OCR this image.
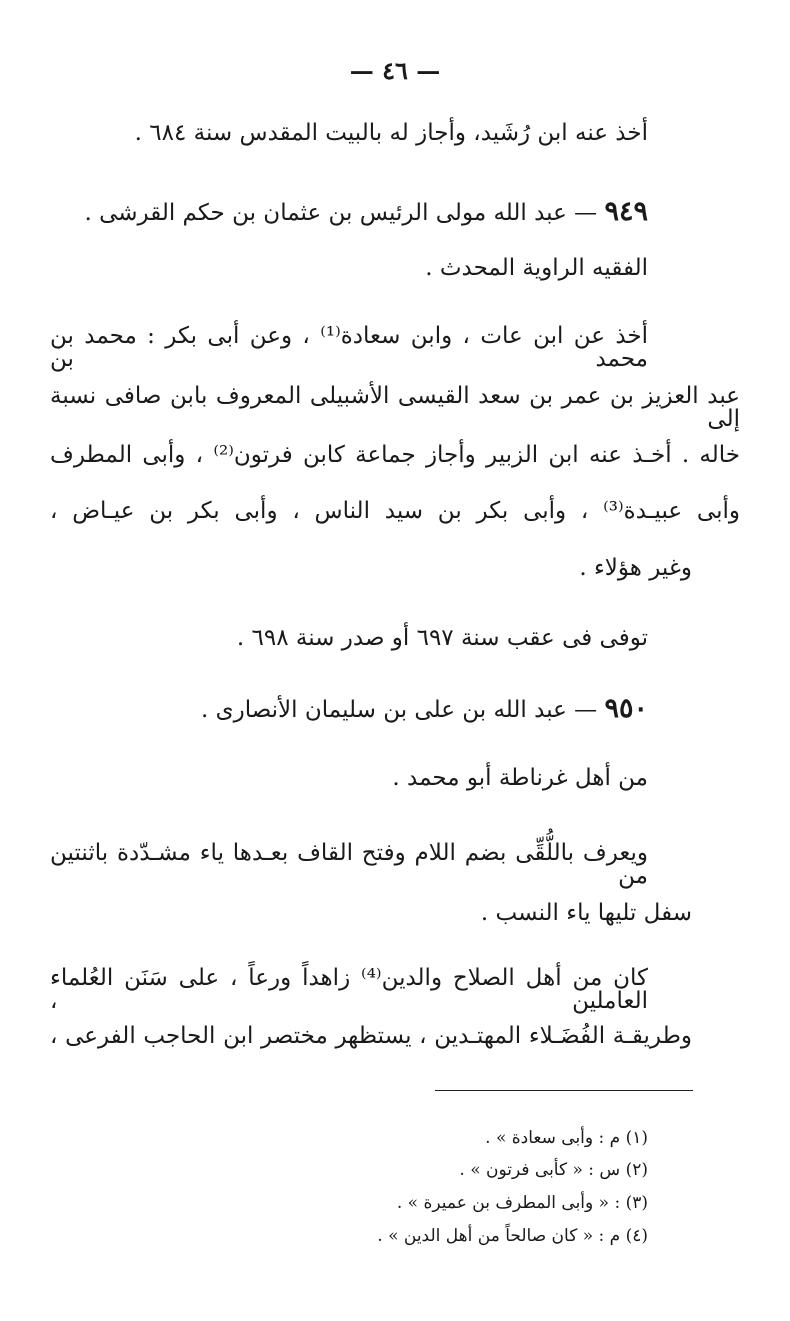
— ٤٦ —
أخذ عنه ابن رُشَيد، وأجاز له بالبيت المقدس سنة ٦٨٤ .
٩٤٩ — عبد الله مولى الرئيس بن عثمان بن حكم القرشى .
الفقيه الراوية المحدث .
أخذ عن ابن عات ، وابن سعادة⁽¹⁾ ، وعن أبى بكر : محمد بن محمد بن
عبد العزيز بن عمر بن سعد القيسى الأشبيلى المعروف بابن صافى نسبة إلى
خاله . أخـذ عنه ابن الزبير وأجاز جماعة كابن فرتون⁽²⁾ ، وأبى المطرف
وأبى عبيـدة⁽³⁾ ، وأبى بكر بن سيد الناس ، وأبى بكر بن عيـاض ،
وغير هؤلاء .
توفى فى عقب سنة ٦٩٧ أو صدر سنة ٦٩٨ .
٩٥٠ — عبد الله بن على بن سليمان الأنصارى .
من أهل غرناطة أبو محمد .
ويعرف باللُّقِّى بضم اللام وفتح القاف بعـدها ياء مشـدّدة باثنتين من
سفل تليها ياء النسب .
كان من أهل الصلاح والدين⁽⁴⁾ زاهداً ورعاً ، على سَنَن العُلماء العاملين ،
وطريقـة الفُضَـلاء المهتـدين ، يستظهر مختصر ابن الحاجب الفرعى ،
(١) م : وأبى سعادة » .
(٢) س : « كأبى فرتون » .
(٣) : « وأبى المطرف بن عميرة » .
(٤) م : « كان صالحاً من أهل الدين » .
